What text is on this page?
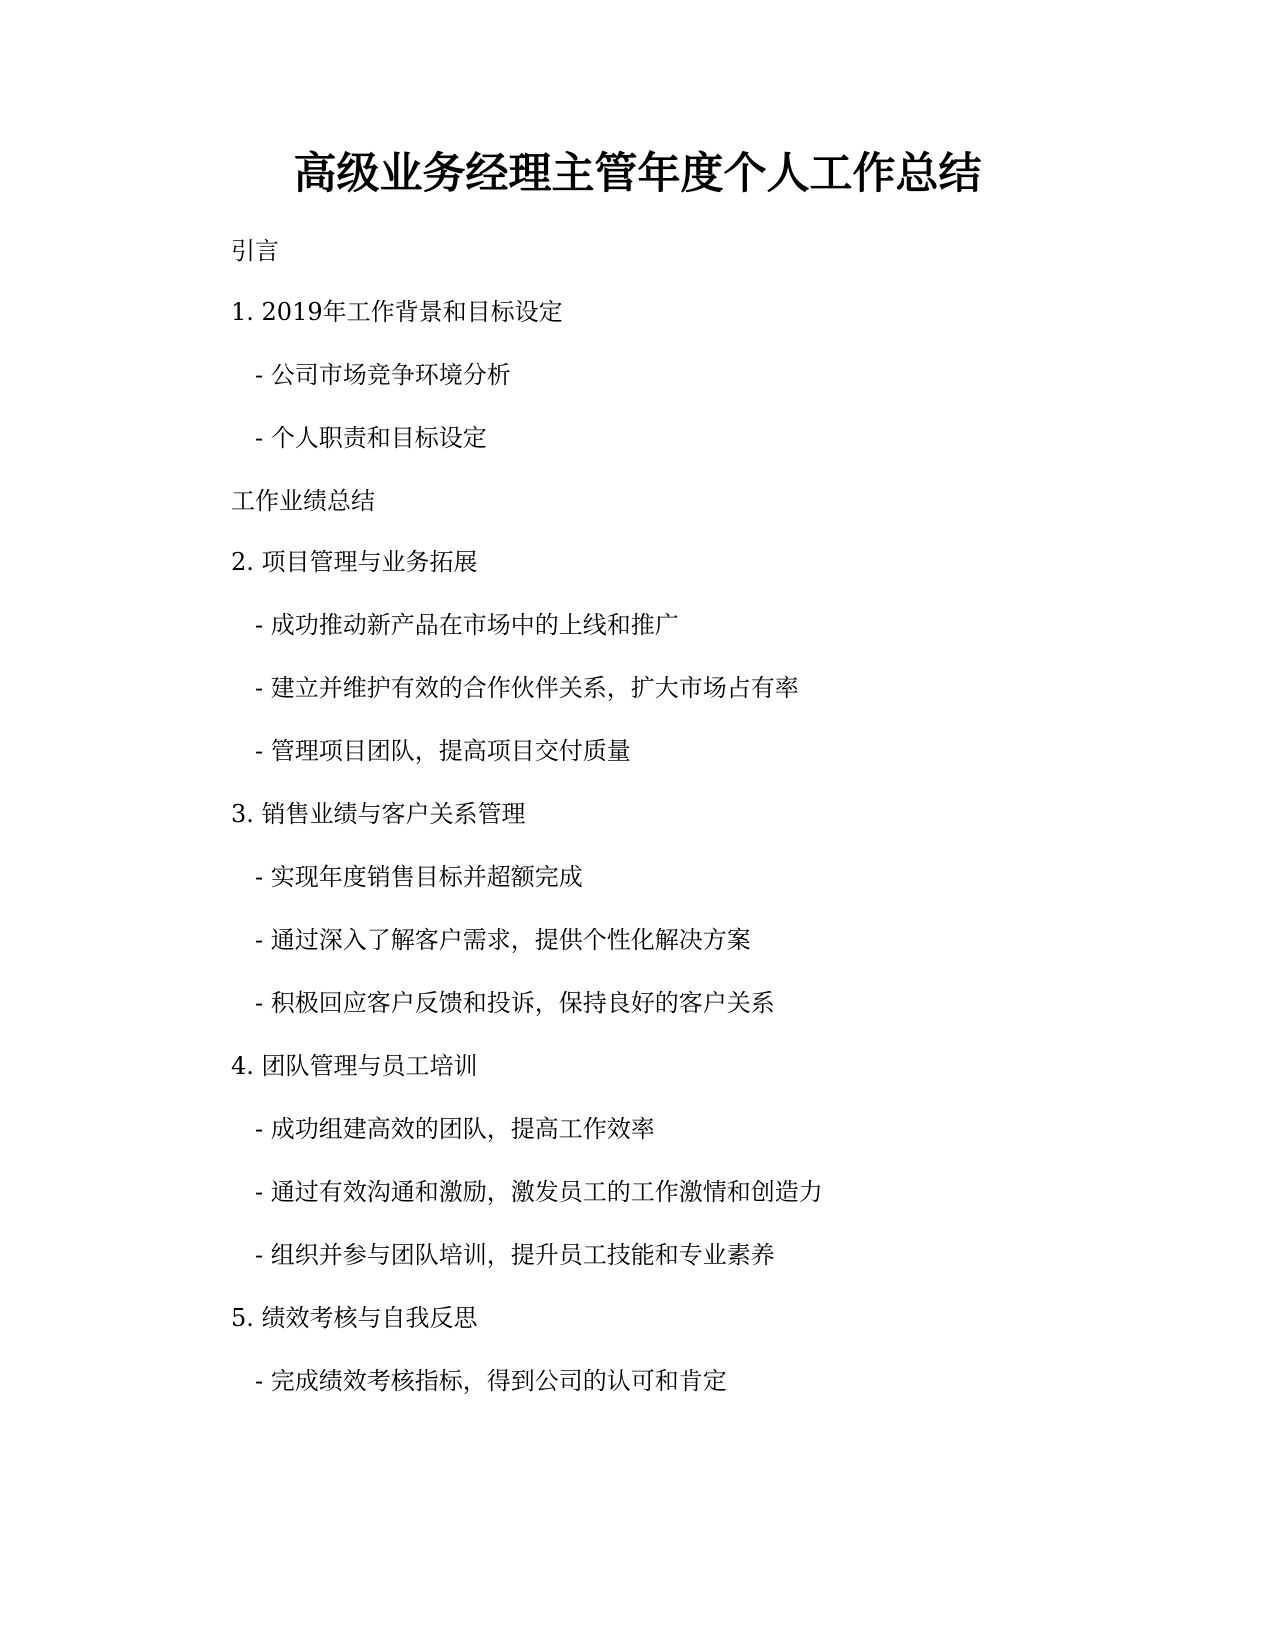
高级业务经理主管年度个人工作总结

引言

1. 2019年工作背景和目标设定

- 公司市场竞争环境分析

- 个人职责和目标设定

工作业绩总结

2. 项目管理与业务拓展

- 成功推动新产品在市场中的上线和推广

- 建立并维护有效的合作伙伴关系，扩大市场占有率

- 管理项目团队，提高项目交付质量

3. 销售业绩与客户关系管理

- 实现年度销售目标并超额完成

- 通过深入了解客户需求，提供个性化解决方案

- 积极回应客户反馈和投诉，保持良好的客户关系

4. 团队管理与员工培训

- 成功组建高效的团队，提高工作效率

- 通过有效沟通和激励，激发员工的工作激情和创造力

- 组织并参与团队培训，提升员工技能和专业素养

5. 绩效考核与自我反思

- 完成绩效考核指标，得到公司的认可和肯定
